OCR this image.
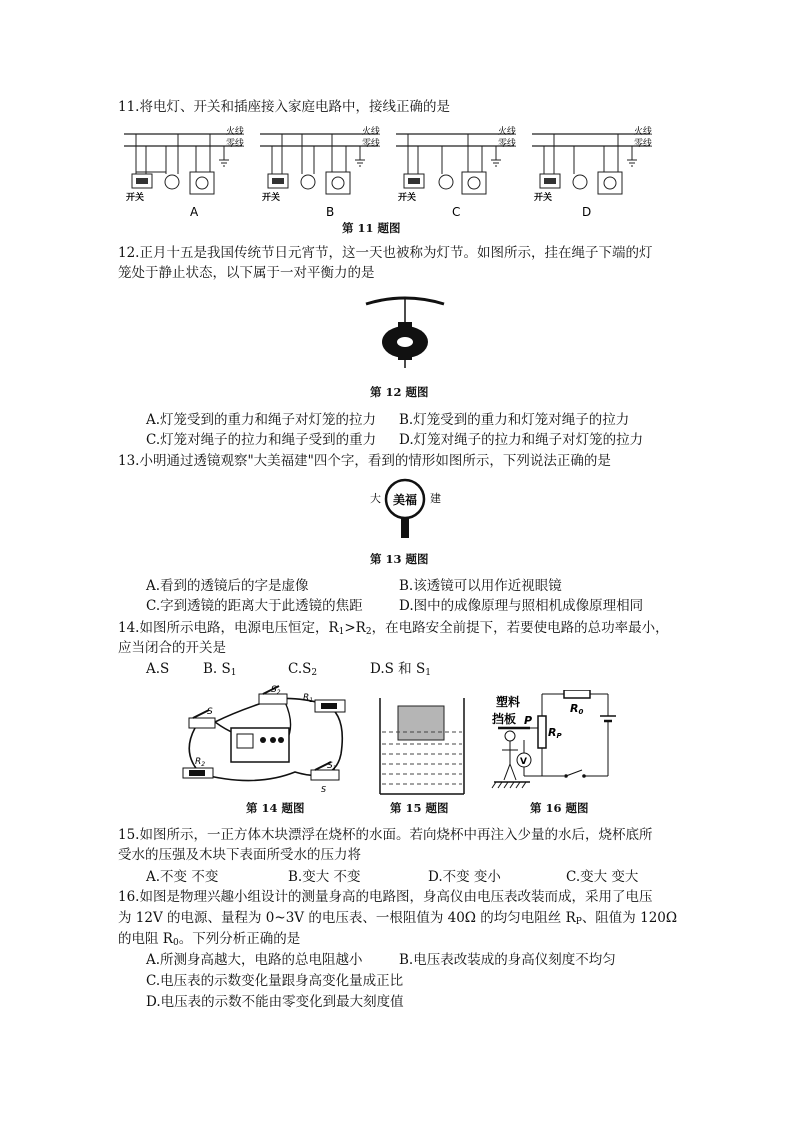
11.将电灯、开关和插座接入家庭电路中，接线正确的是
火线
零线
开关
A
火线
零线
开关
B
火线
零线
开关
C
火线
零线
开关
D
第 11 题图
12.正月十五是我国传统节日元宵节，这一天也被称为灯节。如图所示，挂在绳子下端的灯
笼处于静止状态，以下属于一对平衡力的是
第 12 题图
A.灯笼受到的重力和绳子对灯笼的拉力 B.灯笼受到的重力和灯笼对绳子的拉力
C.灯笼对绳子的拉力和绳子受到的重力 D.灯笼对绳子的拉力和绳子对灯笼的拉力
13.小明通过透镜观察"大美福建"四个字，看到的情形如图所示，下列说法正确的是
大 美福 建
第 13 题图
A.看到的透镜后的字是虚像	B.该透镜可以用作近视眼镜
C.字到透镜的距离大于此透镜的焦距	D.图中的成像原理与照相机成像原理相同
14.如图所示电路，电源电压恒定，$R_1>R_2$，在电路安全前提下，若要使电路的总功率最小，
应当闭合的开关是
A.S B. $S_1$	$C.S_2$	D.S 和 $S_1$
S
$S_2$
$R_1$
$R_2$	$S_1$
S
第 14 题图	第 15 题图
塑料
挡板 P
V
RP
R0
第 16 题图
15.如图所示，一正方体木块漂浮在烧杯的水面。若向烧杯中再注入少量的水后，烧杯底所
受水的压强及木块下表面所受水的压力将
A.不变 不变	B.变大 不变	D.不变 变小	C.变大 变大
16.如图是物理兴趣小组设计的测量身高的电路图，身高仪由电压表改装而成，采用了电压
为 12V 的电源、量程为 0~3V 的电压表、一根阻值为 40Ω 的均匀电阻丝 $R_P$、阻值为 120Ω
的电阻 $R_0$。下列分析正确的是
A.所测身高越大，电路的总电阻越小	B.电压表改装成的身高仪刻度不均匀
C.电压表的示数变化量跟身高变化量成正比
D.电压表的示数不能由零变化到最大刻度值
